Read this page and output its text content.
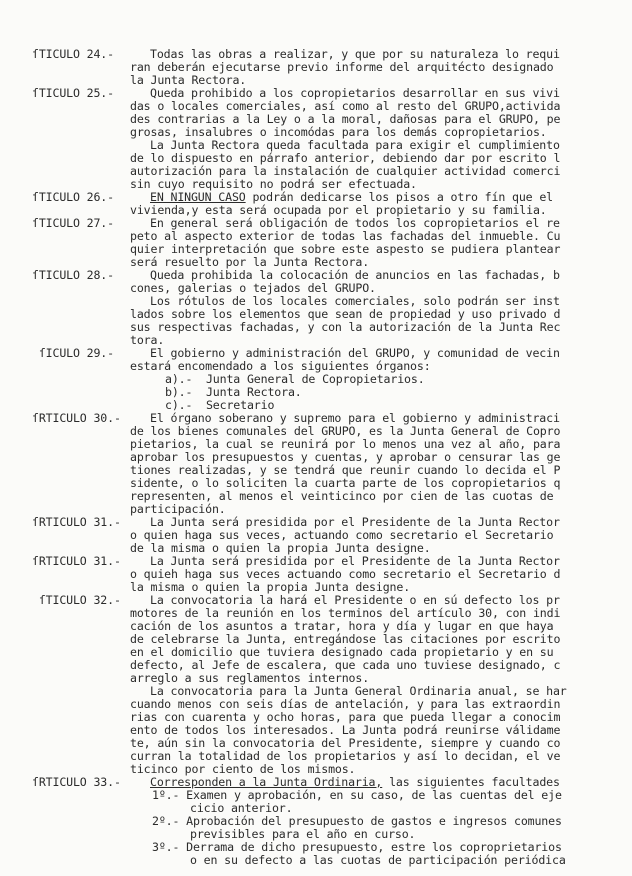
ſTICULO 24.-	Todas las obras a realizar, y que por su naturaleza lo requi
ran deberán ejecutarse previo informe del arquitécto designado
la Junta Rectora.
ſTICULO 25.-	Queda prohibido a los copropietarios desarrollar en sus vivi
das o locales comerciales, así como al resto del GRUPO,activida
des contrarias a la Ley o a la moral, dañosas para el GRUPO, pe
grosas, insalubres o incomódas para los demás copropietarios.
La Junta Rectora queda facultada para exigir el cumplimiento
de lo dispuesto en párrafo anterior, debiendo dar por escrito l
autorización para la instalación de cualquier actividad comerci
sin cuyo requisito no podrá ser efectuada.
ſTICULO 26.-	EN NINGUN CASO podrán dedicarse los pisos a otro fín que el
vivienda,y esta será ocupada por el propietario y su familia.
ſTICULO 27.-	En general será obligación de todos los copropietarios el re
peto al aspecto exterior de todas las fachadas del inmueble. Cu
quier interpretación que sobre este aspesto se pudiera plantear
será resuelto por la Junta Rectora.
ſTICULO 28.-	Queda prohibida la colocación de anuncios en las fachadas, b
cones, galerias o tejados del GRUPO.
Los rótulos de los locales comerciales, solo podrán ser inst
lados sobre los elementos que sean de propiedad y uso privado d
sus respectivas fachadas, y con la autorización de la Junta Rec
tora.
ſICULO 29.-	El gobierno y administración del GRUPO, y comunidad de vecin
estará encomendado a los siguientes órganos:
a).-  Junta General de Copropietarios.
b).-  Junta Rectora.
c).-  Secretario
ſRTICULO 30.-	El órgano soberano y supremo para el gobierno y administraci
de los bienes comunales del GRUPO, es la Junta General de Copro
pietarios, la cual se reunirá por lo menos una vez al año, para
aprobar los presupuestos y cuentas, y aprobar o censurar las ge
tiones realizadas, y se tendrá que reunir cuando lo decida el P
sidente, o lo soliciten la cuarta parte de los copropietarios q
representen, al menos el veinticinco por cien de las cuotas de
participación.
ſRTICULO 31.-	La Junta será presidida por el Presidente de la Junta Rector
o quien haga sus veces, actuando como secretario el Secretario
de la misma o quien la propia Junta designe.
ſRTICULO 31.-	La Junta será presidida por el Presidente de la Junta Rector
o quieh haga sus veces actuando como secretario el Secretario d
la misma o quien la propia Junta designe.
ſTICULO 32.-	La convocatoria la hará el Presidente o en sú defecto los pr
motores de la reunión en los terminos del artículo 30, con indi
cación de los asuntos a tratar, hora y día y lugar en que haya
de celebrarse la Junta, entregándose las citaciones por escrito
en el domicilio que tuviera designado cada propietario y en su
defecto, al Jefe de escalera, que cada uno tuviese designado, c
arreglo a sus reglamentos internos.
La convocatoria para la Junta General Ordinaria anual, se har
cuando menos con seis días de antelación, y para las extraordin
rias con cuarenta y ocho horas, para que pueda llegar a conocim
ento de todos los interesados. La Junta podrá reunirse válidame
te, aún sin la convocatoria del Presidente, siempre y cuando co
curran la totalidad de los propietarios y así lo decidan, el ve
ticinco por ciento de los mismos.
ſRTICULO 33.-	Corresponden a la Junta Ordinaria, las siguientes facultades
1º.- Examen y aprobación, en su caso, de las cuentas del eje
cicio anterior.
2º.- Aprobación del presupuesto de gastos e ingresos comunes
previsibles para el año en curso.
3º.- Derrama de dicho presupuesto, estre los coproprietarios
o en su defecto a las cuotas de participación periódica
